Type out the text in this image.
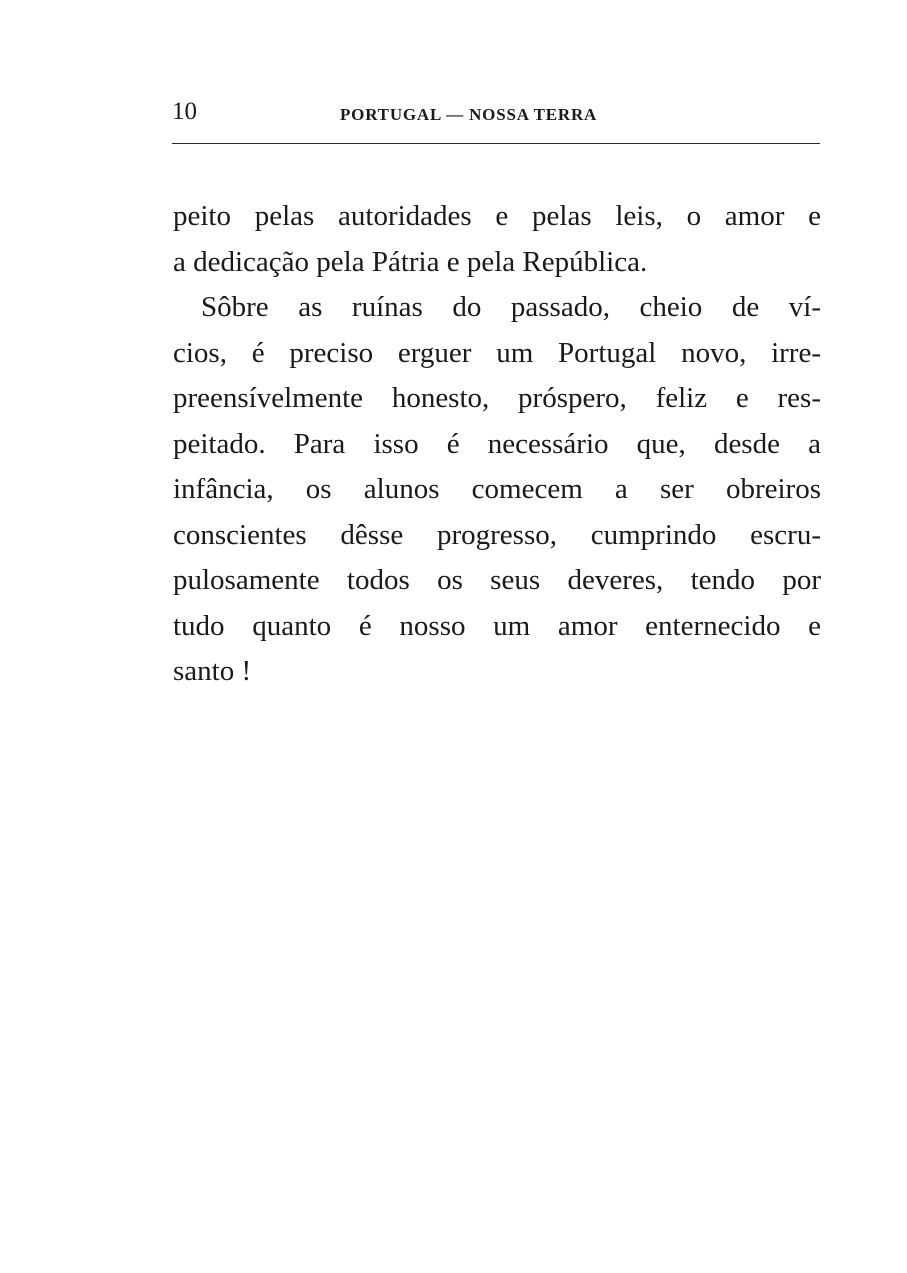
10	PORTUGAL — NOSSA TERRA
peito pelas autoridades e pelas leis, o amor e
a dedicação pela Pátria e pela República.
Sôbre as ruínas do passado, cheio de ví-
cios, é preciso erguer um Portugal novo, irre-
preensívelmente honesto, próspero, feliz e res-
peitado. Para isso é necessário que, desde a
infância, os alunos comecem a ser obreiros
conscientes dêsse progresso, cumprindo escru-
pulosamente todos os seus deveres, tendo por
tudo quanto é nosso um amor enternecido e
santo !
